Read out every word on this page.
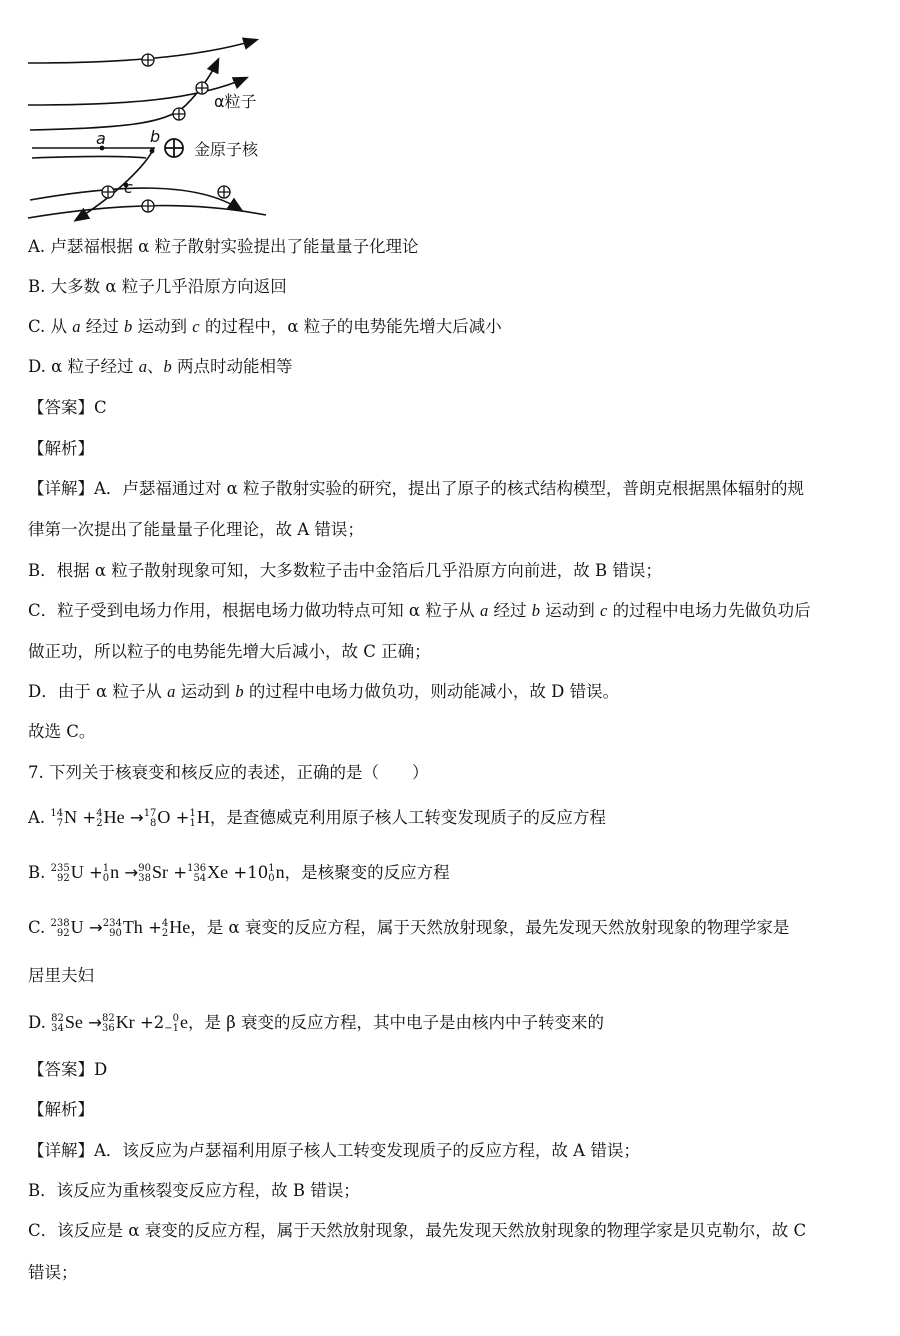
a	b
c
α粒子
金原子核
A. 卢瑟福根据 α 粒子散射实验提出了能量量子化理论
B. 大多数 α 粒子几乎沿原方向返回
C. 从 a 经过 b 运动到 c 的过程中，α 粒子的电势能先增大后减小
D. α 粒子经过 a、b 两点时动能相等
【答案】C
【解析】
【详解】A．卢瑟福通过对 α 粒子散射实验的研究，提出了原子的核式结构模型，普朗克根据黑体辐射的规
律第一次提出了能量量子化理论，故 A 错误；
B．根据 α 粒子散射现象可知，大多数粒子击中金箔后几乎沿原方向前进，故 B 错误；
C．粒子受到电场力作用，根据电场力做功特点可知 α 粒子从 a 经过 b 运动到 c 的过程中电场力先做负功后
做正功，所以粒子的电势能先增大后减小，故 C 正确；
D．由于 α 粒子从 a 运动到 b 的过程中电场力做负功，则动能减小，故 D 错误。
故选 C。
7. 下列关于核衰变和核反应的表述，正确的是（　　）
A. 14
7 N + 4
2 He → 17
8 O + 1
1 H，是查德威克利用原子核人工转变发现质子的反应方程
B. 235
92 U + 1
0 n → 90
38 Sr + 136
54 Xe +10 1
0 n，是核聚变的反应方程
C. 238
92 U → 234
90 Th + 4
2 He，是 α 衰变的反应方程，属于天然放射现象，最先发现天然放射现象的物理学家是
居里夫妇
D. 82
34 Se → 82
36 Kr +2 0
−1 e，是 β 衰变的反应方程，其中电子是由核内中子转变来的
【答案】D
【解析】
【详解】A．该反应为卢瑟福利用原子核人工转变发现质子的反应方程，故 A 错误；
B．该反应为重核裂变反应方程，故 B 错误；
C．该反应是 α 衰变的反应方程，属于天然放射现象，最先发现天然放射现象的物理学家是贝克勒尔，故 C
错误；
